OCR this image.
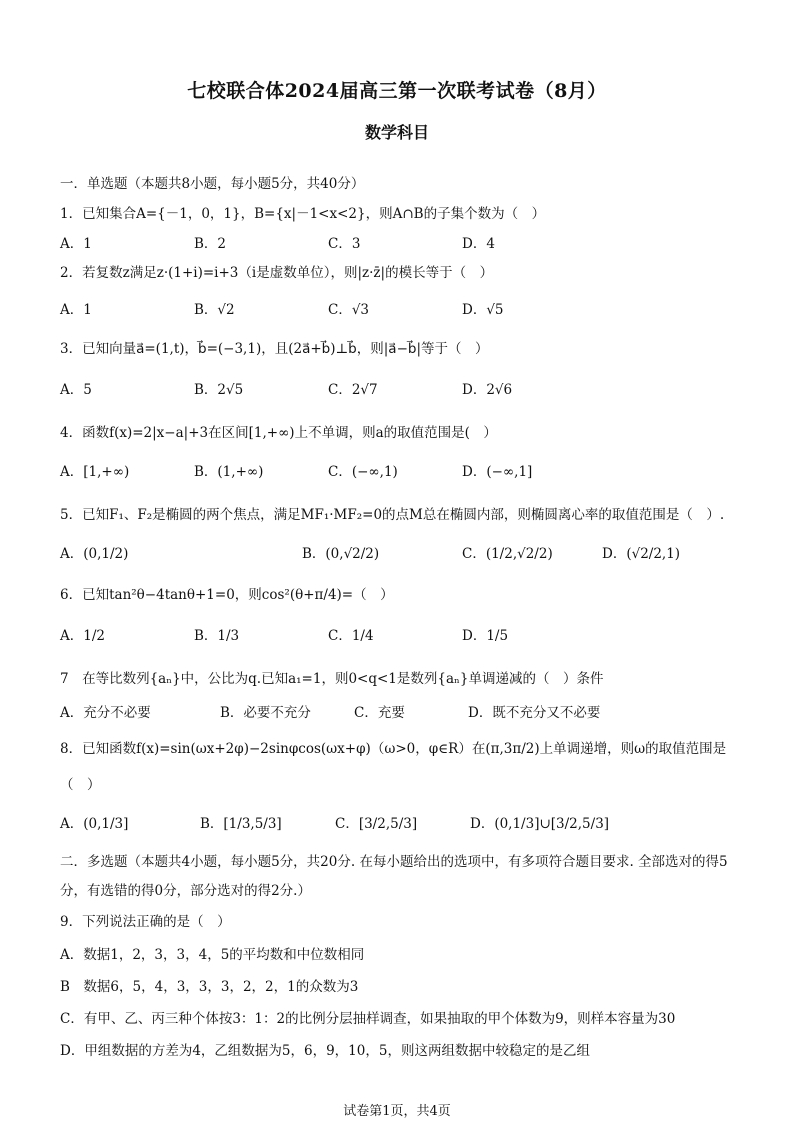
七校联合体2024届高三第一次联考试卷（8月）
数学科目
一．单选题（本题共8小题，每小题5分，共40分）
1．已知集合A={－1，0，1}，B={x|－1<x<2}，则A∩B的子集个数为（　）
A．1	B．2	C．3	D．4
2．若复数z满足z·(1+i)=i+3（i是虚数单位），则|z·z̄|的模长等于（　）
A．1	B．√2	C．√3	D．√5
3．已知向量a⃗=(1,t)，b⃗=(−3,1)，且(2a⃗+b⃗)⊥b⃗，则|a⃗−b⃗|等于（　）
A．5	B．2√5	C．2√7	D．2√6
4．函数f(x)=2|x−a|+3在区间[1,+∞)上不单调，则a的取值范围是(　）
A．[1,+∞)	B．(1,+∞)	C．(−∞,1)	D．(−∞,1]
5．已知F₁、F₂是椭圆的两个焦点，满足MF₁·MF₂=0的点M总在椭圆内部，则椭圆离心率的取值范围是（　）.
A．(0,1/2)	B．(0,√2/2)	C．(1/2,√2/2)	D．(√2/2,1)
6．已知tan²θ−4tanθ+1=0，则cos²(θ+π/4)=（　）
A．1/2	B．1/3	C．1/4	D．1/5
7　在等比数列{aₙ}中，公比为q.已知a₁=1，则0<q<1是数列{aₙ}单调递减的（　）条件
A．充分不必要	B．必要不充分	C．充要	D．既不充分又不必要
8．已知函数f(x)=sin(ωx+2φ)−2sinφcos(ωx+φ)（ω>0，φ∈R）在(π,3π/2)上单调递增，则ω的取值范围是
（　）
A．(0,1/3]	B．[1/3,5/3]	C．[3/2,5/3]	D．(0,1/3]∪[3/2,5/3]
二．多选题（本题共4小题，每小题5分，共20分. 在每小题给出的选项中，有多项符合题目要求. 全部选对的得5
分，有选错的得0分，部分选对的得2分.）
9．下列说法正确的是（　）
A．数据1，2，3，3，4，5的平均数和中位数相同
B　数据6，5，4，3，3，3，2，2，1的众数为3
C．有甲、乙、丙三种个体按3：1：2的比例分层抽样调查，如果抽取的甲个体数为9，则样本容量为30
D．甲组数据的方差为4，乙组数据为5，6，9，10，5，则这两组数据中较稳定的是乙组
试卷第1页，共4页
